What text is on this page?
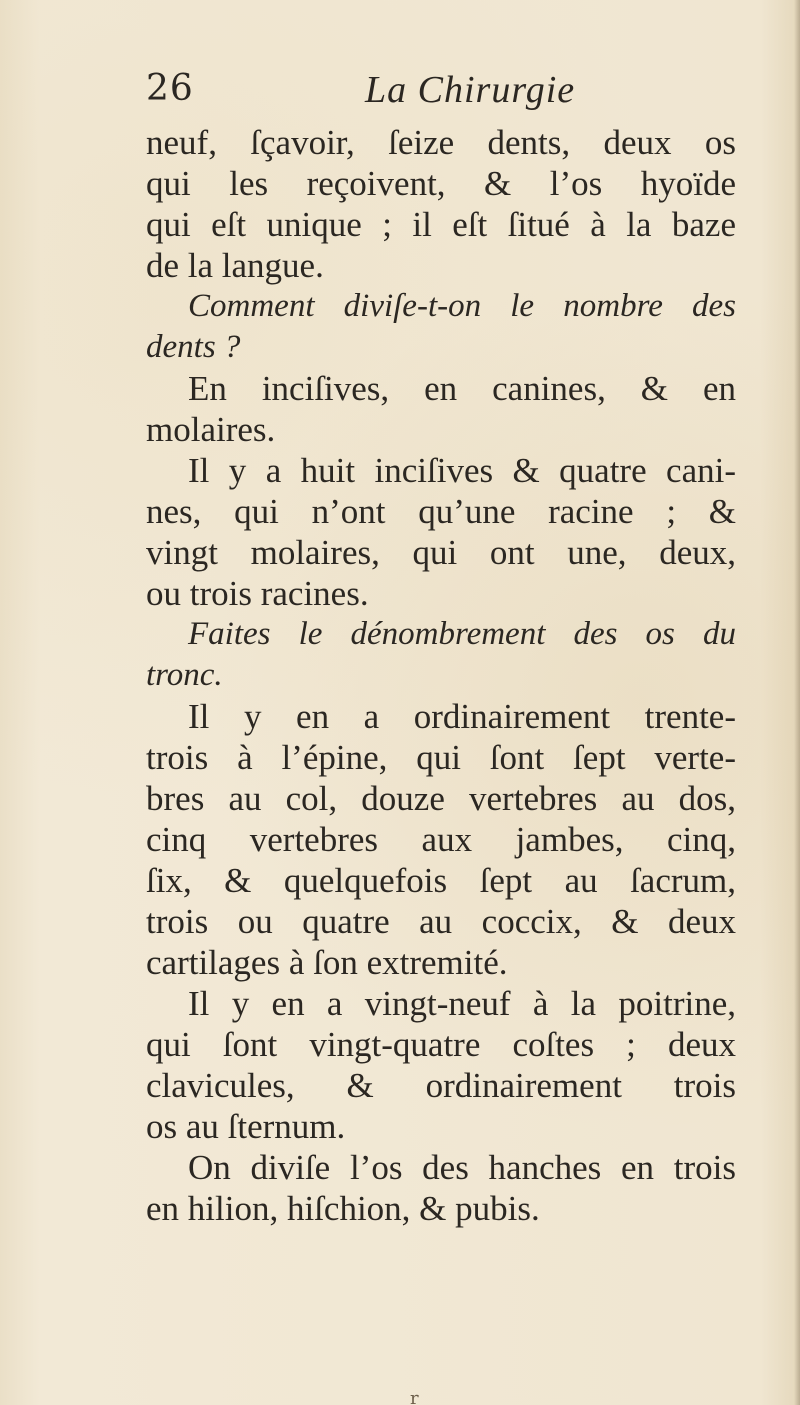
26	La Chirurgie
neuf, ſçavoir, ſeize dents, deux os
qui les reçoivent, & l’os hyoïde
qui eſt unique ; il eſt ſitué à la baze
de la langue.
Comment diviſe-t-on le nombre des
dents ?
En inciſives, en canines, & en
molaires.
Il y a huit inciſives & quatre cani-
nes, qui n’ont qu’une racine ; &
vingt molaires, qui ont une, deux,
ou trois racines.
Faites le dénombrement des os du
tronc.
Il y en a ordinairement trente-
trois à l’épine, qui ſont ſept verte-
bres au col, douze vertebres au dos,
cinq vertebres aux jambes, cinq,
ſix, & quelquefois ſept au ſacrum,
trois ou quatre au coccix, & deux
cartilages à ſon extremité.
Il y en a vingt-neuf à la poitrine,
qui ſont vingt-quatre coſtes ; deux
clavicules, & ordinairement trois
os au ſternum.
On diviſe l’os des hanches en trois
en hilion, hiſchion, & pubis.
r
